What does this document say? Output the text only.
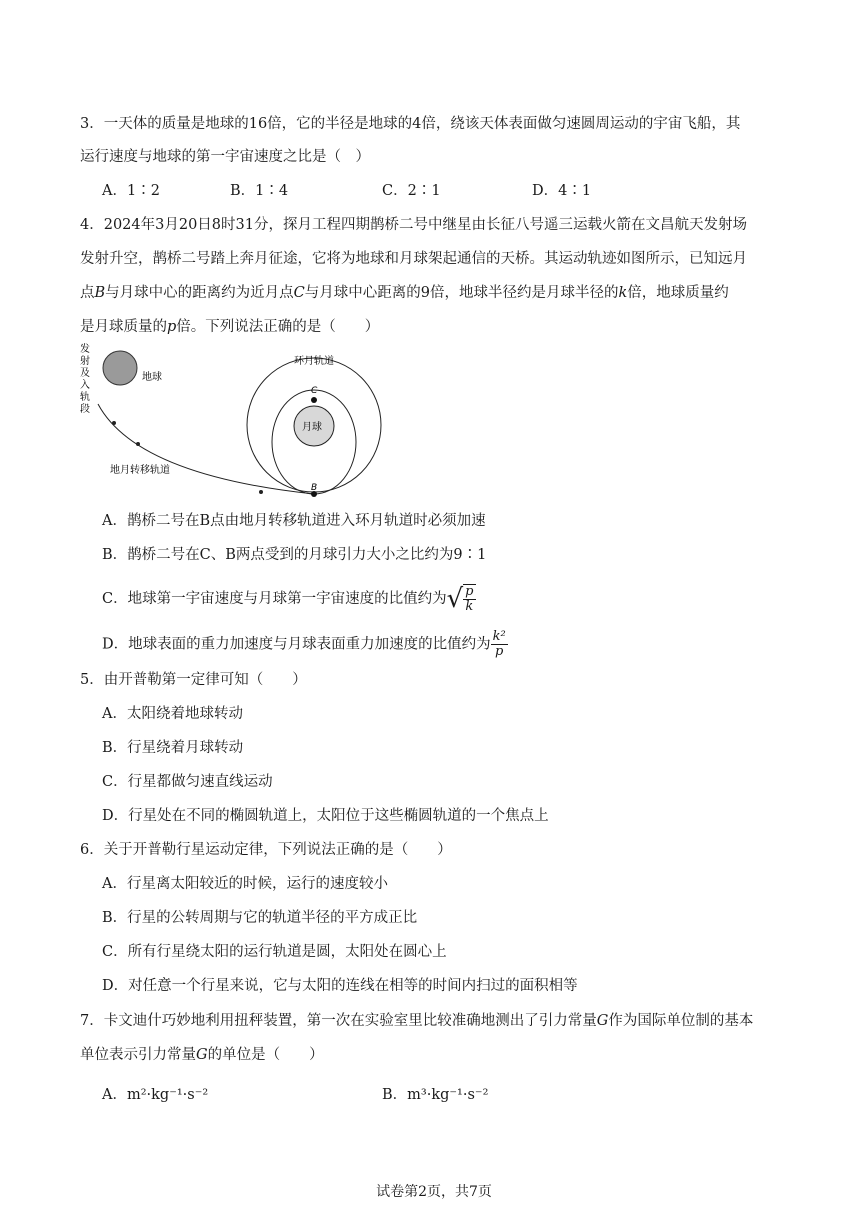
3．一天体的质量是地球的16倍，它的半径是地球的4倍，绕该天体表面做匀速圆周运动的宇宙飞船，其
运行速度与地球的第一宇宙速度之比是（　）
A．1∶2	B．1∶4	C．2∶1	D．4∶1
4．2024年3月20日8时31分，探月工程四期鹊桥二号中继星由长征八号遥三运载火箭在文昌航天发射场
发射升空，鹊桥二号踏上奔月征途，它将为地球和月球架起通信的天桥。其运动轨迹如图所示，已知远月
点B与月球中心的距离约为近月点C与月球中心距离的9倍，地球半径约是月球半径的k倍，地球质量约
是月球质量的p倍。下列说法正确的是（　　）
发
射
及
入
轨
段
地球
地月转移轨道
月球
环月轨道
C
B
A．鹊桥二号在B点由地月转移轨道进入环月轨道时必须加速
B．鹊桥二号在C、B两点受到的月球引力大小之比约为9∶1
C．地球第一宇宙速度与月球第一宇宙速度的比值约为 √ $\frac{p}{k}$
D．地球表面的重力加速度与月球表面重力加速度的比值约为 $\frac{\text{k²}}{p}$
5．由开普勒第一定律可知（　　）
A．太阳绕着地球转动
B．行星绕着月球转动
C．行星都做匀速直线运动
D．行星处在不同的椭圆轨道上，太阳位于这些椭圆轨道的一个焦点上
6．关于开普勒行星运动定律，下列说法正确的是（　　）
A．行星离太阳较近的时候，运行的速度较小
B．行星的公转周期与它的轨道半径的平方成正比
C．所有行星绕太阳的运行轨道是圆，太阳处在圆心上
D．对任意一个行星来说，它与太阳的连线在相等的时间内扫过的面积相等
7．卡文迪什巧妙地利用扭秤装置，第一次在实验室里比较准确地测出了引力常量G作为国际单位制的基本
单位表示引力常量G的单位是（　　）
A．m²·kg⁻¹·s⁻²	B．m³·kg⁻¹·s⁻²
试卷第2页，共7页
